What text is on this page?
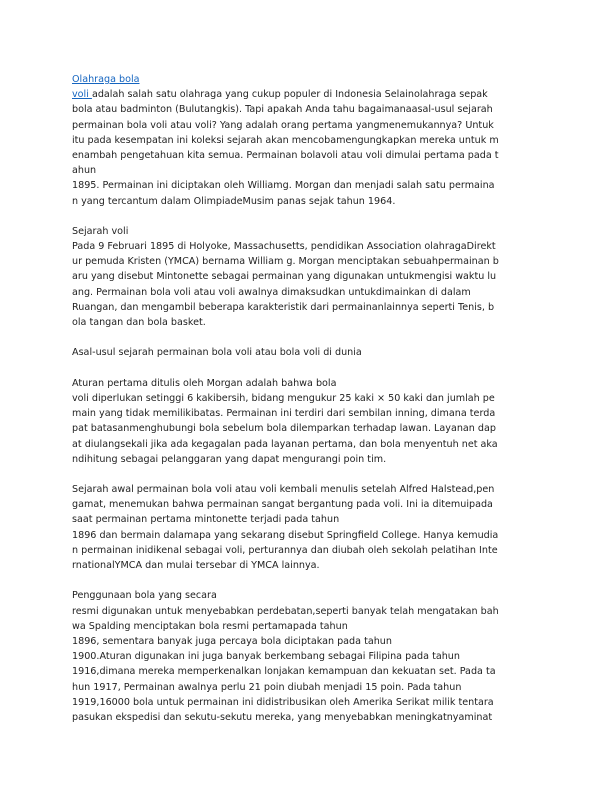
Olahraga bola
voli adalah salah satu olahraga yang cukup populer di Indonesia Selainolahraga sepak
bola atau badminton (Bulutangkis). Tapi apakah Anda tahu bagaimanaasal-usul sejarah
permainan bola voli atau voli? Yang adalah orang pertama yangmenemukannya? Untuk
itu pada kesempatan ini koleksi sejarah akan mencobamengungkapkan mereka untuk m
enambah pengetahuan kita semua. Permainan bolavoli atau voli dimulai pertama pada t
ahun
1895. Permainan ini diciptakan oleh Williamg. Morgan dan menjadi salah satu permaina
n yang tercantum dalam OlimpiadeMusim panas sejak tahun 1964.
Sejarah voli
Pada 9 Februari 1895 di Holyoke, Massachusetts, pendidikan Association olahragaDirekt
ur pemuda Kristen (YMCA) bernama William g. Morgan menciptakan sebuahpermainan b
aru yang disebut Mintonette sebagai permainan yang digunakan untukmengisi waktu lu
ang. Permainan bola voli atau voli awalnya dimaksudkan untukdimainkan di dalam
Ruangan, dan mengambil beberapa karakteristik dari permainanlainnya seperti Tenis, b
ola tangan dan bola basket.
Asal-usul sejarah permainan bola voli atau bola voli di dunia
Aturan pertama ditulis oleh Morgan adalah bahwa bola
voli diperlukan setinggi 6 kakibersih, bidang mengukur 25 kaki × 50 kaki dan jumlah pe
main yang tidak memilikibatas. Permainan ini terdiri dari sembilan inning, dimana terda
pat batasanmenghubungi bola sebelum bola dilemparkan terhadap lawan. Layanan dap
at diulangsekali jika ada kegagalan pada layanan pertama, dan bola menyentuh net aka
ndihitung sebagai pelanggaran yang dapat mengurangi poin tim.
Sejarah awal permainan bola voli atau voli kembali menulis setelah Alfred Halstead,pen
gamat, menemukan bahwa permainan sangat bergantung pada voli. Ini ia ditemuipada
saat permainan pertama mintonette terjadi pada tahun
1896 dan bermain dalamapa yang sekarang disebut Springfield College. Hanya kemudia
n permainan inidikenal sebagai voli, perturannya dan diubah oleh sekolah pelatihan Inte
rnationalYMCA dan mulai tersebar di YMCA lainnya.
Penggunaan bola yang secara
resmi digunakan untuk menyebabkan perdebatan,seperti banyak telah mengatakan bah
wa Spalding menciptakan bola resmi pertamapada tahun
1896, sementara banyak juga percaya bola diciptakan pada tahun
1900.Aturan digunakan ini juga banyak berkembang sebagai Filipina pada tahun
1916,dimana mereka memperkenalkan lonjakan kemampuan dan kekuatan set. Pada ta
hun 1917, Permainan awalnya perlu 21 poin diubah menjadi 15 poin. Pada tahun
1919,16000 bola untuk permainan ini didistribusikan oleh Amerika Serikat milik tentara
pasukan ekspedisi dan sekutu-sekutu mereka, yang menyebabkan meningkatnyaminat
